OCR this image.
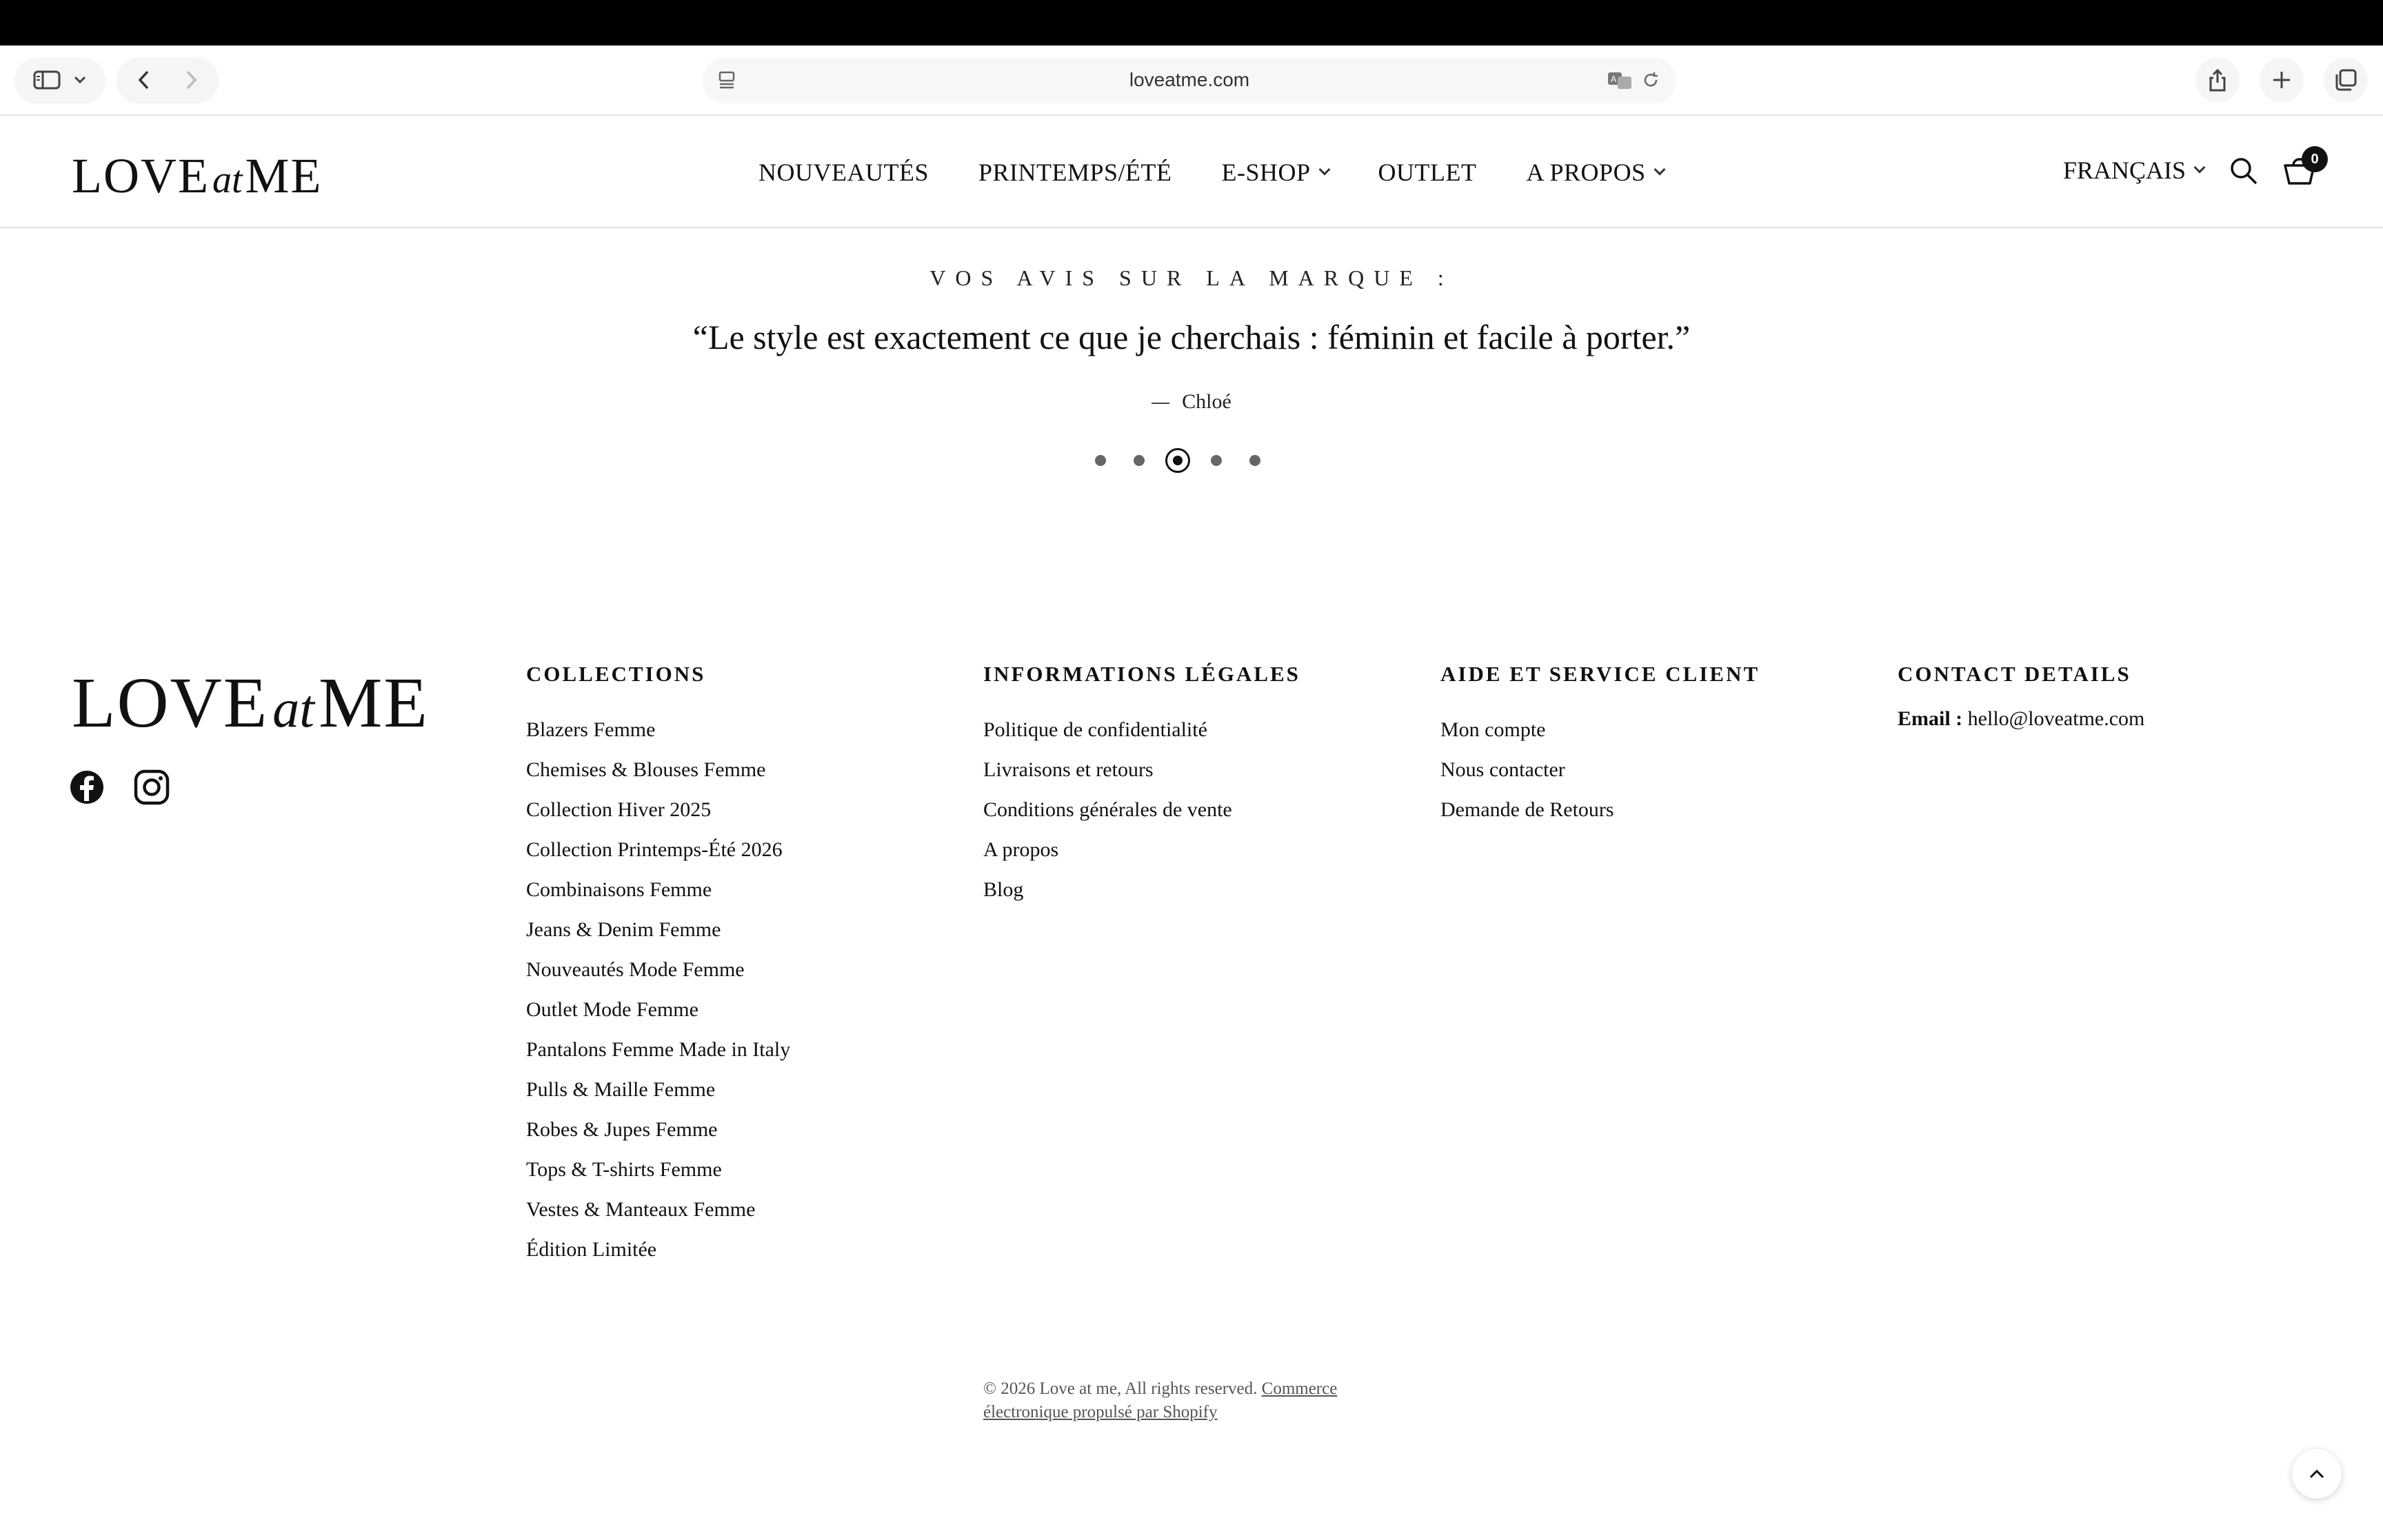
loveatme.com	A
LOVEatME	NOUVEAUTÉS PRINTEMPS/ÉTÉ E-SHOP	OUTLET A PROPOS	FRANÇAIS	0
VOS AVIS SUR LA MARQUE :
“Le style est exactement ce que je cherchais : féminin et facile à porter.”
Chloé
LOVEatME	COLLECTIONS
Blazers Femme
Chemises & Blouses Femme
Collection Hiver 2025
Collection Printemps-Été 2026
Combinaisons Femme
Jeans & Denim Femme
Nouveautés Mode Femme
Outlet Mode Femme
Pantalons Femme Made in Italy
Pulls & Maille Femme
Robes & Jupes Femme
Tops & T-shirts Femme
Vestes & Manteaux Femme
Édition Limitée
INFORMATIONS LÉGALES
Politique de confidentialité
Livraisons et retours
Conditions générales de vente
A propos
Blog
AIDE ET SERVICE CLIENT
Mon compte
Nous contacter
Demande de Retours
CONTACT DETAILS
Email : hello@loveatme.com
© 2026 Love at me, All rights reserved. Commerce électronique propulsé par Shopify
